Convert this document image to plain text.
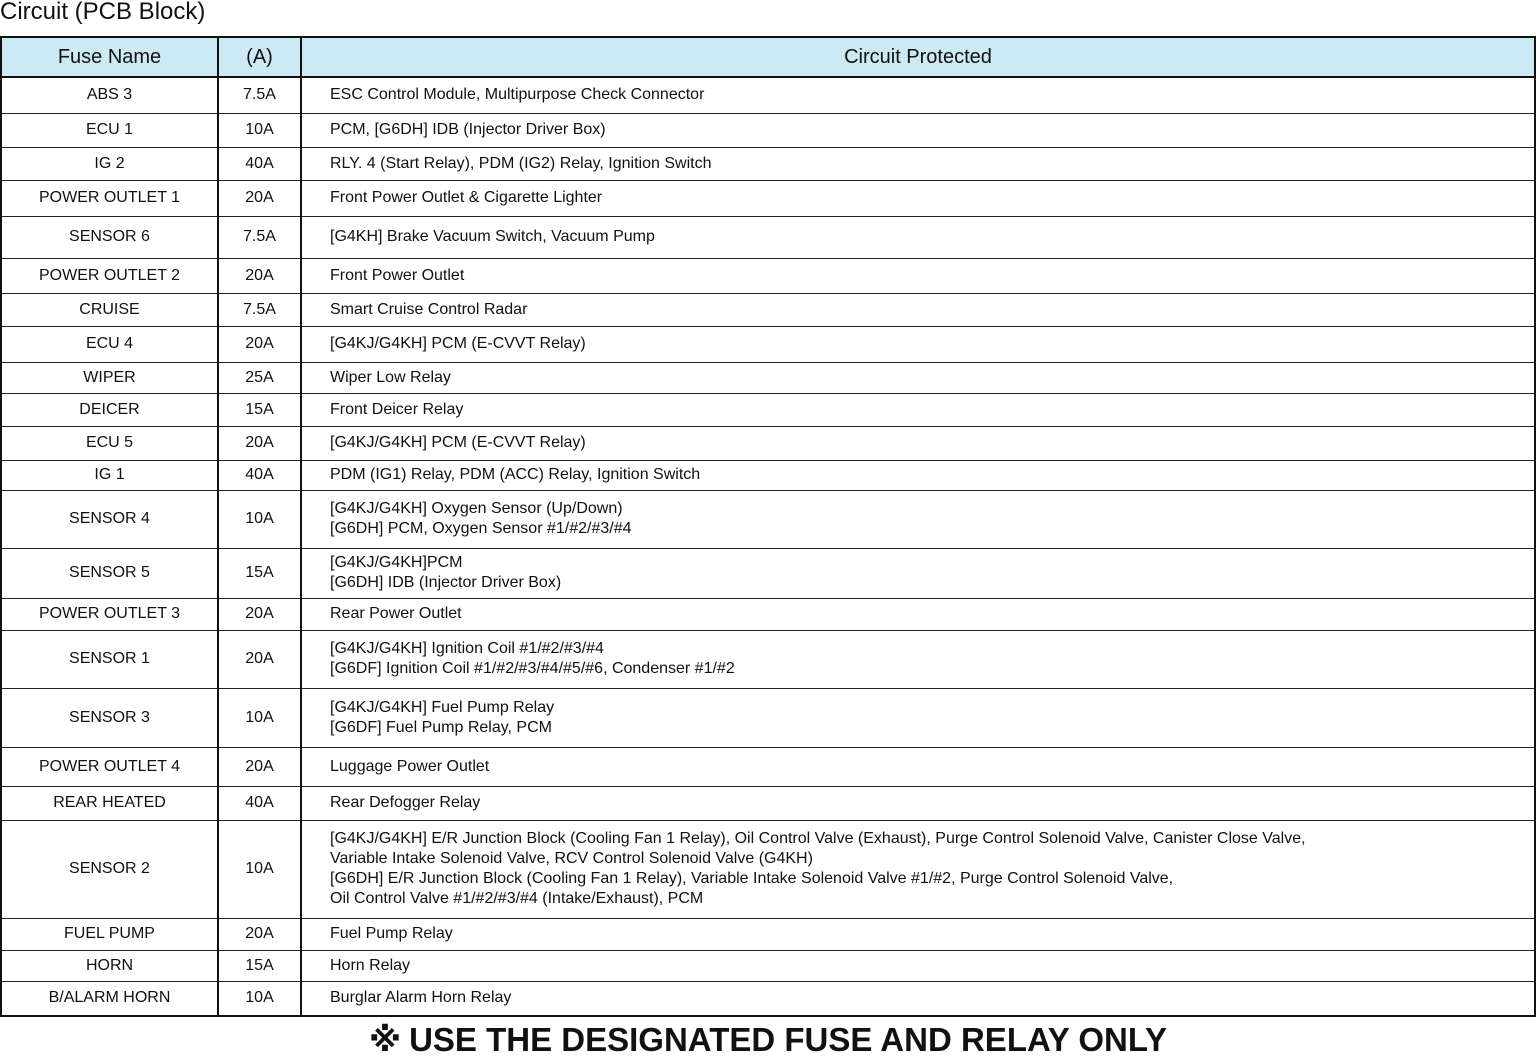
Circuit (PCB Block)
Fuse Name	(A)	Circuit Protected
ABS 3	7.5A	ESC Control Module, Multipurpose Check Connector

ECU 1	10A	PCM, [G6DH] IDB (Injector Driver Box)

IG 2	40A	RLY. 4 (Start Relay), PDM (IG2) Relay, Ignition Switch

POWER OUTLET 1	20A	Front Power Outlet & Cigarette Lighter

SENSOR 6	7.5A	[G4KH] Brake Vacuum Switch, Vacuum Pump

POWER OUTLET 2	20A	Front Power Outlet

CRUISE	7.5A	Smart Cruise Control Radar

ECU 4	20A	[G4KJ/G4KH] PCM (E-CVVT Relay)

WIPER	25A	Wiper Low Relay

DEICER	15A	Front Deicer Relay

ECU 5	20A	[G4KJ/G4KH] PCM (E-CVVT Relay)

IG 1	40A	PDM (IG1) Relay, PDM (ACC) Relay, Ignition Switch

SENSOR 4	10A	[G4KJ/G4KH] Oxygen Sensor (Up/Down)
[G6DH] PCM, Oxygen Sensor #1/#2/#3/#4

SENSOR 5	15A	[G4KJ/G4KH]PCM
[G6DH] IDB (Injector Driver Box)

POWER OUTLET 3	20A	Rear Power Outlet

SENSOR 1	20A	[G4KJ/G4KH] Ignition Coil #1/#2/#3/#4
[G6DF] Ignition Coil #1/#2/#3/#4/#5/#6, Condenser #1/#2

SENSOR 3	10A	[G4KJ/G4KH] Fuel Pump Relay
[G6DF] Fuel Pump Relay, PCM

POWER OUTLET 4	20A	Luggage Power Outlet

REAR HEATED	40A	Rear Defogger Relay

SENSOR 2	10A	[G4KJ/G4KH] E/R Junction Block (Cooling Fan 1 Relay), Oil Control Valve (Exhaust), Purge Control Solenoid Valve, Canister Close Valve,
Variable Intake Solenoid Valve, RCV Control Solenoid Valve (G4KH)
[G6DH] E/R Junction Block (Cooling Fan 1 Relay), Variable Intake Solenoid Valve #1/#2, Purge Control Solenoid Valve,
Oil Control Valve #1/#2/#3/#4 (Intake/Exhaust), PCM

FUEL PUMP	20A	Fuel Pump Relay

HORN	15A	Horn Relay

B/ALARM HORN	10A	Burglar Alarm Horn Relay
※ USE THE DESIGNATED FUSE AND RELAY ONLY
